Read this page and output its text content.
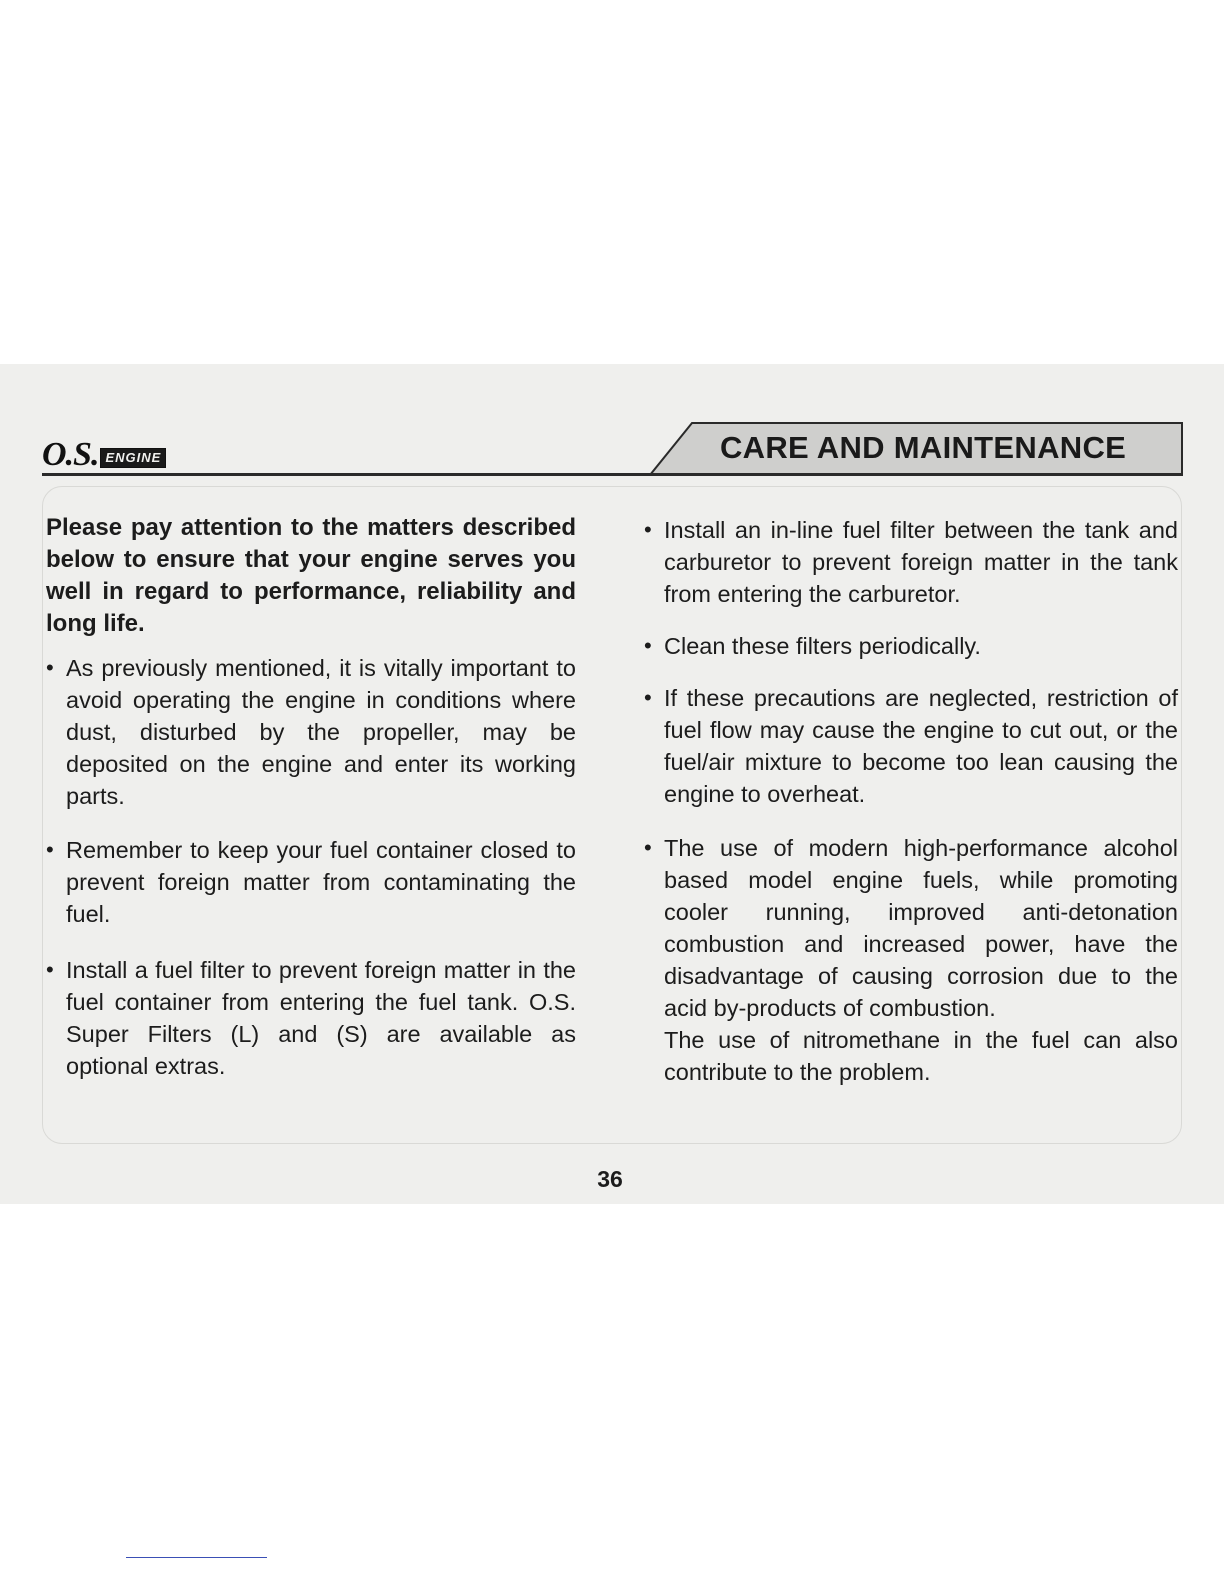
O.S. ENGINE	CARE AND MAINTENANCE

Please pay attention to the matters described below to ensure that your engine serves you well in regard to performance, reliability and long life.

• As previously mentioned, it is vitally important to avoid operating the engine in conditions where dust, disturbed by the propeller, may be deposited on the engine and enter its working parts.
• Remember to keep your fuel container closed to prevent foreign matter from contaminating the fuel.
• Install a fuel filter to prevent foreign matter in the fuel container from entering the fuel tank. O.S. Super Filters (L) and (S) are available as optional extras.
• Install an in-line fuel filter between the tank and carburetor to prevent foreign matter in the tank from entering the carburetor.
• Clean these filters periodically.
• If these precautions are neglected, restriction of fuel flow may cause the engine to cut out, or the fuel/air mixture to become too lean causing the engine to overheat.
• The use of modern high-performance alcohol based model engine fuels, while promoting cooler running, improved anti-detonation combustion and increased power, have the disadvantage of causing corrosion due to the acid by-products of combustion.
The use of nitromethane in the fuel can also contribute to the problem.
36
